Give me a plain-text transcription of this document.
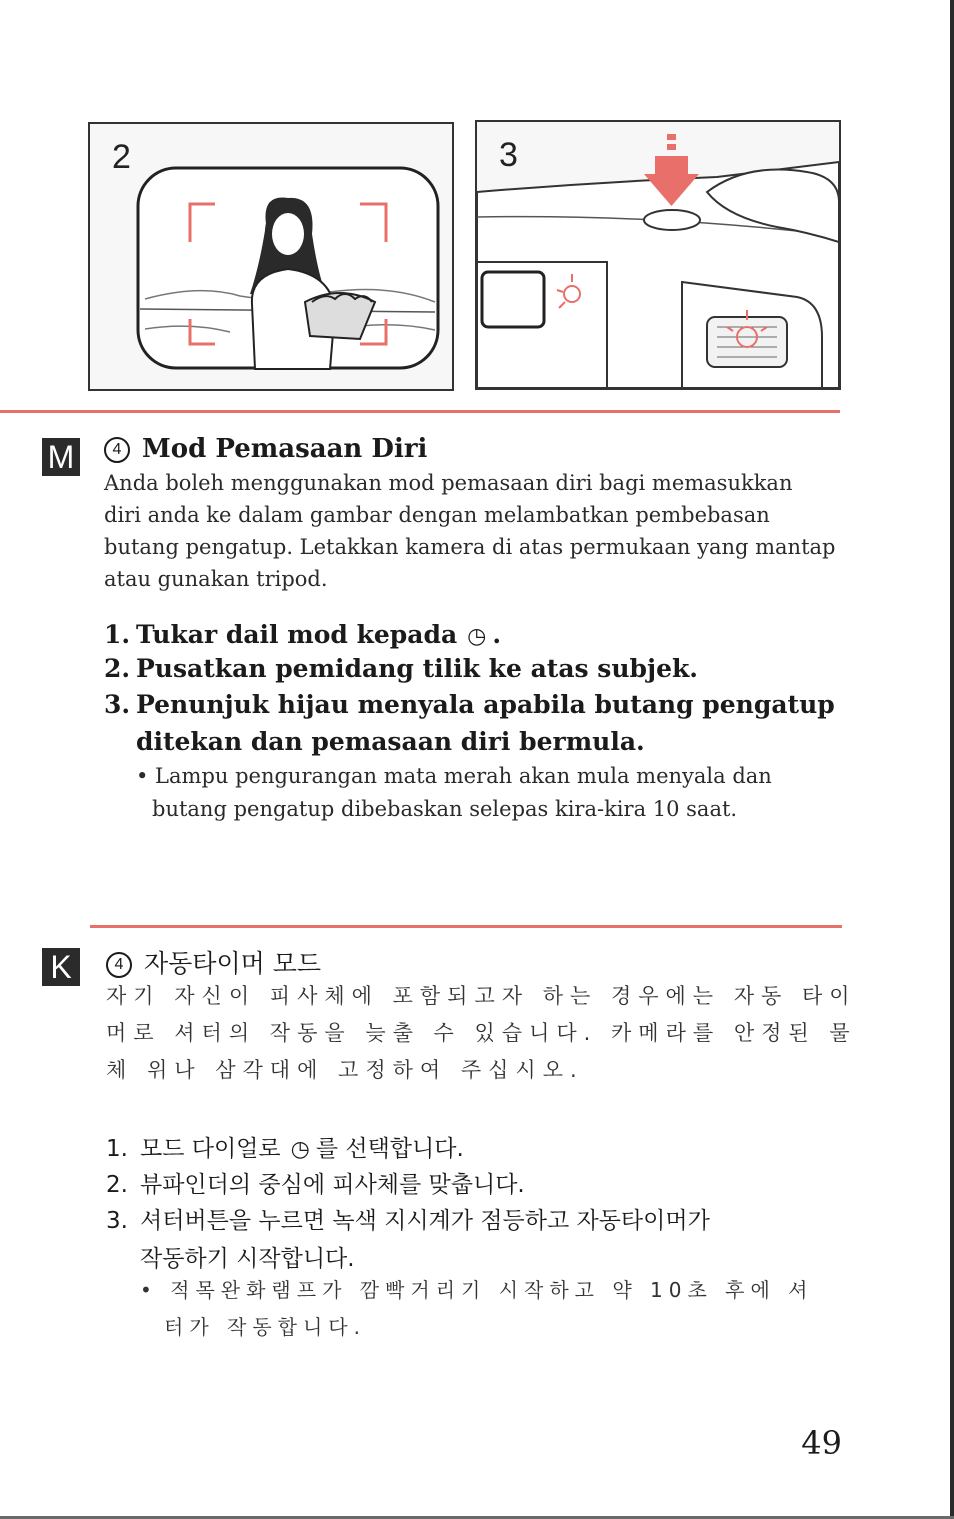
2	3
M	4 Mod Pemasaan Diri
Anda boleh menggunakan mod pemasaan diri bagi memasukkan
diri anda ke dalam gambar dengan melambatkan pembebasan
butang pengatup. Letakkan kamera di atas permukaan yang mantap
atau gunakan tripod.
1. Tukar dail mod kepada ◷ .
2. Pusatkan pemidang tilik ke atas subjek.
3. Penunjuk hijau menyala apabila butang pengatup
ditekan dan pemasaan diri bermula.
• Lampu pengurangan mata merah akan mula menyala dan
butang pengatup dibebaskan selepas kira-kira 10 saat.
K	4 자동타이머 모드
자기 자신이 피사체에 포함되고자 하는 경우에는 자동 타이
머로 셔터의 작동을 늦출 수 있습니다. 카메라를 안정된 물
체 위나 삼각대에 고정하여 주십시오.
1. 모드 다이얼로 ◷ 를 선택합니다.
2. 뷰파인더의 중심에 피사체를 맞춥니다.
3. 셔터버튼을 누르면 녹색 지시계가 점등하고 자동타이머가
작동하기 시작합니다.
• 적목완화램프가 깜빡거리기 시작하고 약 10초 후에 셔
터가 작동합니다.
49
